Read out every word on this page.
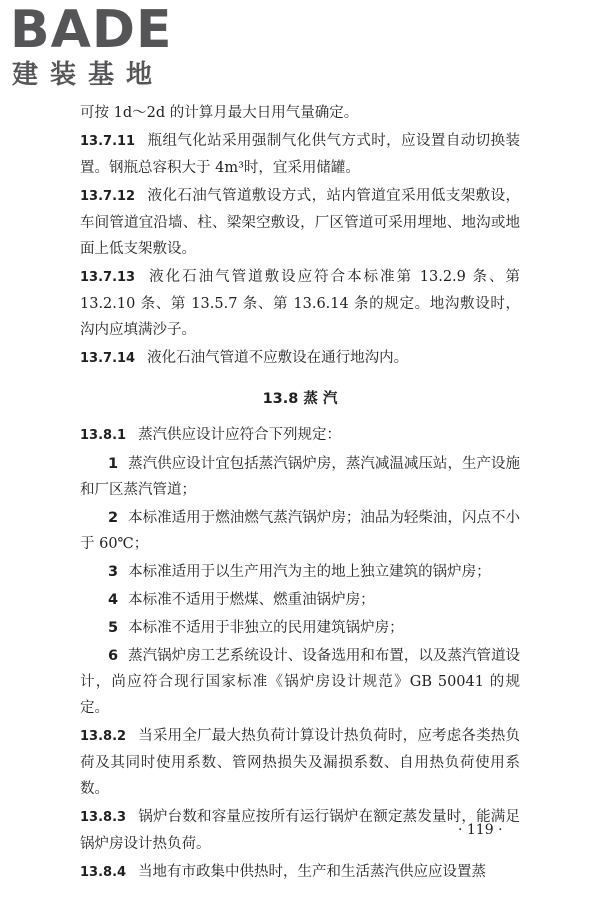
BADE
建装基地

可按 1d～2d 的计算月最大日用气量确定。

13.7.11 瓶组气化站采用强制气化供气方式时，应设置自动切换装置。钢瓶总容积大于 4m³时，宜采用储罐。

13.7.12 液化石油气管道敷设方式，站内管道宜采用低支架敷设，车间管道宜沿墙、柱、梁架空敷设，厂区管道可采用埋地、地沟或地面上低支架敷设。

13.7.13 液化石油气管道敷设应符合本标准第 13.2.9 条、第 13.2.10 条、第 13.5.7 条、第 13.6.14 条的规定。地沟敷设时，沟内应填满沙子。

13.7.14 液化石油气管道不应敷设在通行地沟内。

13.8 蒸 汽

13.8.1 蒸汽供应设计应符合下列规定：

1 蒸汽供应设计宜包括蒸汽锅炉房，蒸汽减温减压站，生产设施和厂区蒸汽管道；

2 本标准适用于燃油燃气蒸汽锅炉房；油品为轻柴油，闪点不小于 60℃；

3 本标准适用于以生产用汽为主的地上独立建筑的锅炉房；

4 本标准不适用于燃煤、燃重油锅炉房；

5 本标准不适用于非独立的民用建筑锅炉房；

6 蒸汽锅炉房工艺系统设计、设备选用和布置，以及蒸汽管道设计，尚应符合现行国家标准《锅炉房设计规范》GB 50041 的规定。

13.8.2 当采用全厂最大热负荷计算设计热负荷时，应考虑各类热负荷及其同时使用系数、管网热损失及漏损系数、自用热负荷使用系数。

13.8.3 锅炉台数和容量应按所有运行锅炉在额定蒸发量时，能满足锅炉房设计热负荷。

13.8.4 当地有市政集中供热时，生产和生活蒸汽供应应设置蒸

· 119 ·
